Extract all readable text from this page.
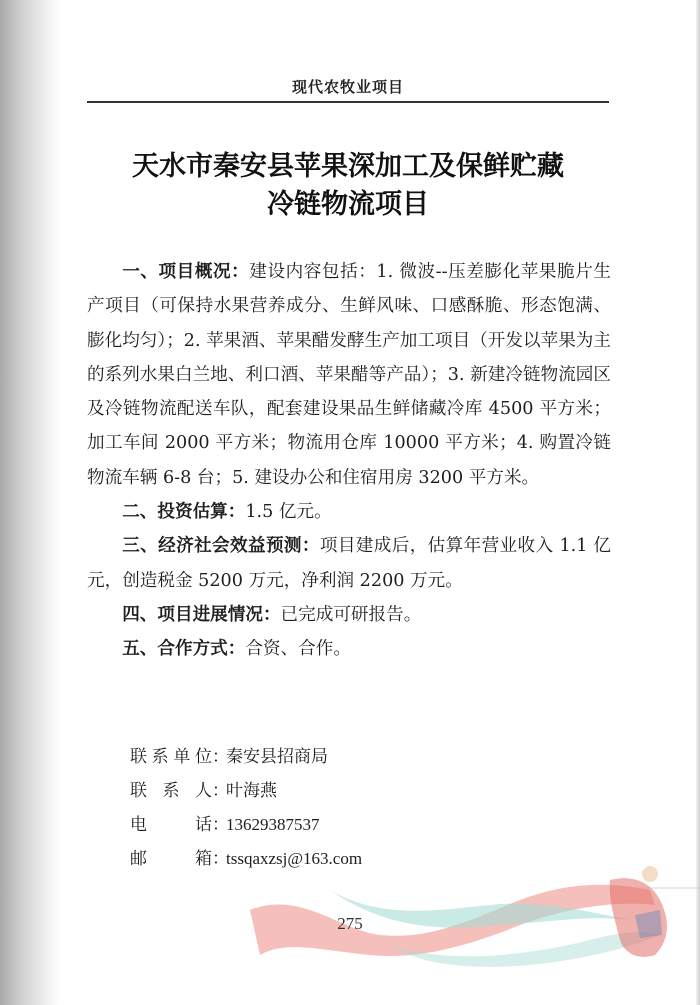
现代农牧业项目
天水市秦安县苹果深加工及保鲜贮藏
冷链物流项目

一、项目概况：建设内容包括：1. 微波--压差膨化苹果脆片生产项目（可保持水果营养成分、生鲜风味、口感酥脆、形态饱满、膨化均匀）；2. 苹果酒、苹果醋发酵生产加工项目（开发以苹果为主的系列水果白兰地、利口酒、苹果醋等产品）；3. 新建冷链物流园区及冷链物流配送车队，配套建设果品生鲜储藏冷库 4500 平方米；加工车间 2000 平方米；物流用仓库 10000 平方米；4. 购置冷链物流车辆 6-8 台；5. 建设办公和住宿用房 3200 平方米。

二、投资估算：1.5 亿元。

三、经济社会效益预测：项目建成后，估算年营业收入 1.1 亿元，创造税金 5200 万元，净利润 2200 万元。

四、项目进展情况：已完成可研报告。

五、合作方式：合资、合作。

联 系 单 位 ：
秦安县招商局
联 系 人 ：
叶海燕
电	话 ：
13629387537
邮	箱 ：
tssqaxzsj@163.com
275
